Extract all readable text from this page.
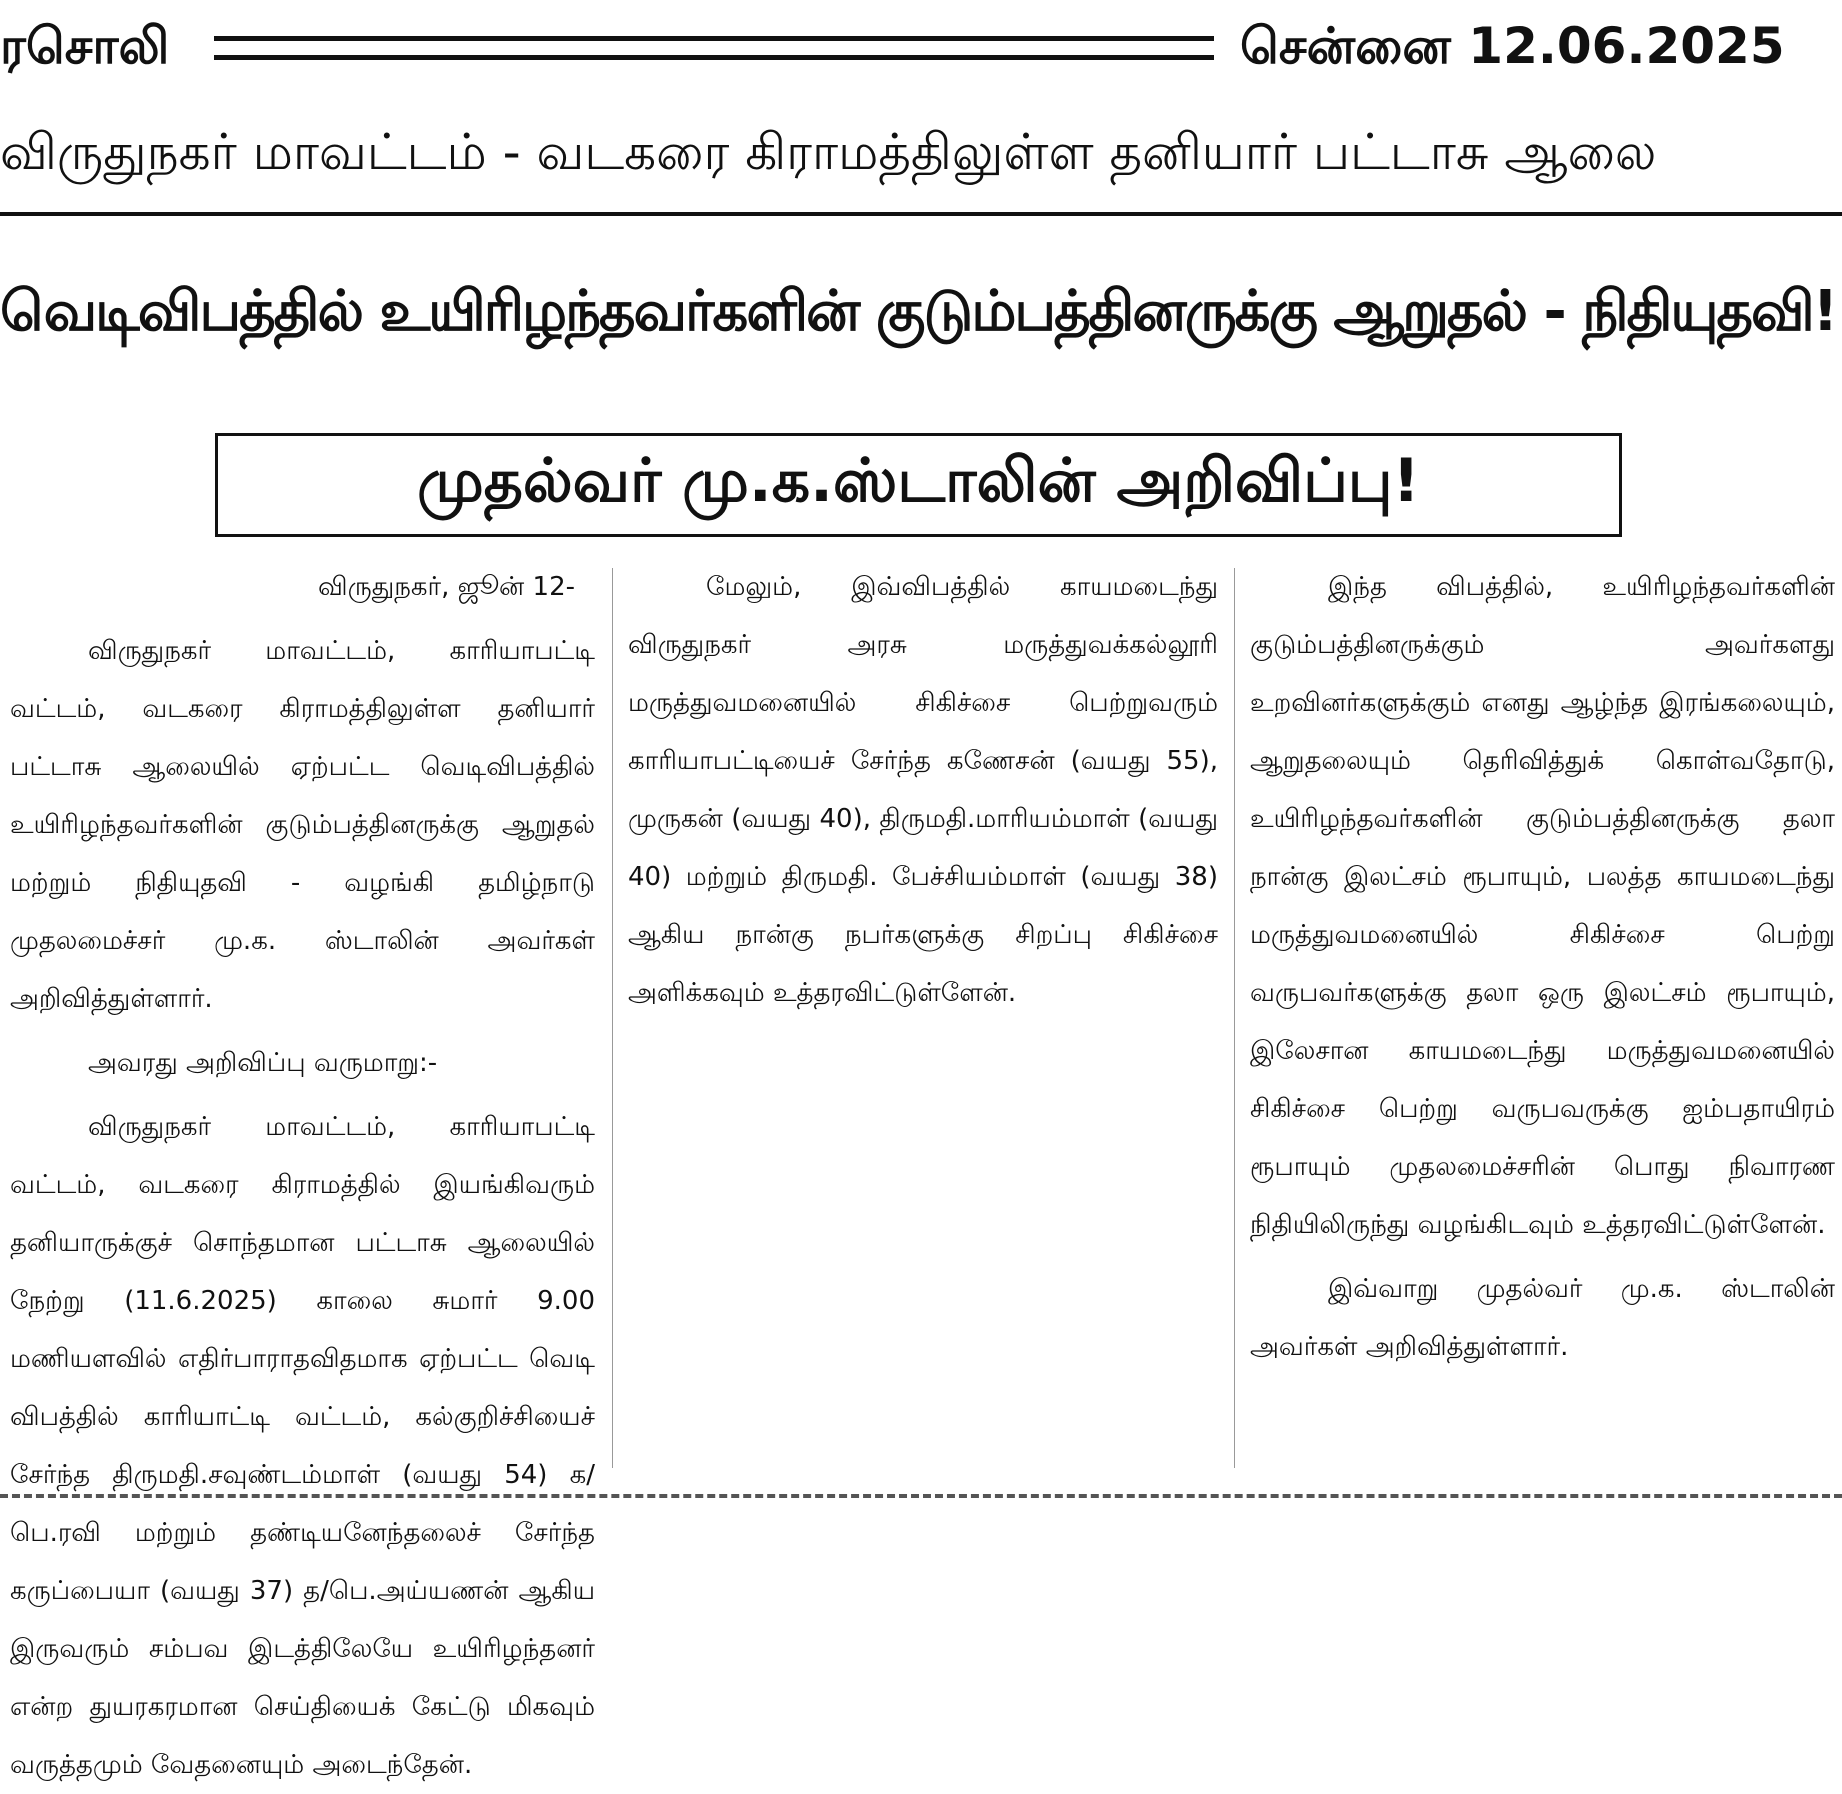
ரசொலி	சென்னை 12.06.2025
விருதுநகர் மாவட்டம் - வடகரை கிராமத்திலுள்ள தனியார் பட்டாசு ஆலை
வெடிவிபத்தில் உயிரிழந்தவர்களின் குடும்பத்தினருக்கு ஆறுதல் - நிதியுதவி!
முதல்வர் மு.க.ஸ்டாலின் அறிவிப்பு!
விருதுநகர், ஜூன் 12-

விருதுநகர் மாவட்டம், காரியாபட்டி வட்டம், வடகரை கிராமத்திலுள்ள தனியார் பட்டாசு ஆலையில் ஏற்பட்ட வெடிவிபத்தில் உயிரிழந்தவர்களின் குடும்பத்தினருக்கு ஆறுதல் மற்றும் நிதியுதவி - வழங்கி தமிழ்நாடு முதலமைச்சர் மு.க. ஸ்டாலின் அவர்கள் அறிவித்துள்ளார்.

அவரது அறிவிப்பு வருமாறு:-

விருதுநகர் மாவட்டம், காரியாபட்டி வட்டம், வடகரை கிராமத்தில் இயங்கிவரும் தனியாருக்குச் சொந்தமான பட்டாசு ஆலையில் நேற்று (11.6.2025) காலை சுமார் 9.00 மணியளவில் எதிர்பாராதவிதமாக ஏற்பட்ட வெடி விபத்தில் காரியாட்டி வட்டம், கல்குறிச்சியைச் சேர்ந்த திருமதி.சவுண்டம்மாள் (வயது 54) க/பெ.ரவி மற்றும் தண்டியனேந்தலைச் சேர்ந்த கருப்பையா (வயது 37) த/பெ.அய்யணன் ஆகிய இருவரும் சம்பவ இடத்திலேயே உயிரிழந்தனர் என்ற துயரகரமான செய்தியைக் கேட்டு மிகவும் வருத்தமும் வேதனையும் அடைந்தேன்.

மேலும், இவ்விபத்தில் காயமடைந்து விருதுநகர் அரசு மருத்துவக்கல்லூரி மருத்துவமனையில் சிகிச்சை பெற்றுவரும் காரியாபட்டியைச் சேர்ந்த கணேசன் (வயது 55), முருகன் (வயது 40), திருமதி.மாரியம்மாள் (வயது 40) மற்றும் திருமதி. பேச்சியம்மாள் (வயது 38) ஆகிய நான்கு நபர்களுக்கு சிறப்பு சிகிச்சை அளிக்கவும் உத்தரவிட்டுள்ளேன்.

இந்த விபத்தில், உயிரிழந்தவர்களின் குடும்பத்தினருக்கும் அவர்களது உறவினர்களுக்கும் எனது ஆழ்ந்த இரங்கலையும், ஆறுதலையும் தெரிவித்துக் கொள்வதோடு, உயிரிழந்தவர்களின் குடும்பத்தினருக்கு தலா நான்கு இலட்சம் ரூபாயும், பலத்த காயமடைந்து மருத்துவமனையில் சிகிச்சை பெற்று வருபவர்களுக்கு தலா ஒரு இலட்சம் ரூபாயும், இலேசான காயமடைந்து மருத்துவமனையில் சிகிச்சை பெற்று வருபவருக்கு ஐம்பதாயிரம் ரூபாயும் முதலமைச்சரின் பொது நிவாரண நிதியிலிருந்து வழங்கிடவும் உத்தரவிட்டுள்ளேன்.

இவ்வாறு முதல்வர் மு.க. ஸ்டாலின் அவர்கள் அறிவித்துள்ளார்.
